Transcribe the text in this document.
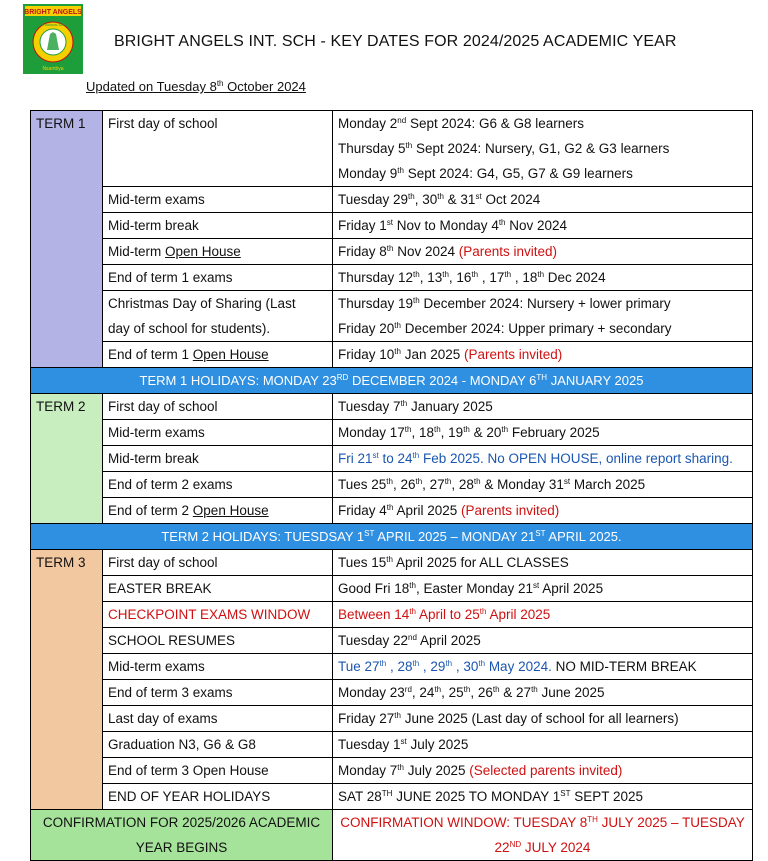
BRIGHT ANGELS
International School
Nsambya
BRIGHT ANGELS INT. SCH - KEY DATES FOR 2024/2025 ACADEMIC YEAR
Updated on Tuesday 8th October 2024
TERM 1	First day of school	Monday 2nd Sept 2024: G6 & G8 learners
Thursday 5th Sept 2024: Nursery, G1, G2 & G3 learners
Monday 9th Sept 2024: G4, G5, G7 & G9 learners

	Mid-term exams	Tuesday 29th, 30th & 31st Oct 2024

	Mid-term break	Friday 1st Nov to Monday 4th Nov 2024

	Mid-term Open House	Friday 8th Nov 2024 (Parents invited)

	End of term 1 exams	Thursday 12th, 13th, 16th , 17th , 18th Dec 2024

	Christmas Day of Sharing (Last
day of school for students).	Thursday 19th December 2024: Nursery + lower primary
Friday 20th December 2024: Upper primary + secondary

	End of term 1 Open House	Friday 10th Jan 2025 (Parents invited)

TERM 1 HOLIDAYS: MONDAY 23RD DECEMBER 2024 - MONDAY 6TH JANUARY 2025		
TERM 2	First day of school	Tuesday 7th January 2025

	Mid-term exams	Monday 17th, 18th, 19th & 20th February 2025

	Mid-term break	Fri 21st to 24th Feb 2025. No OPEN HOUSE, online report sharing.

	End of term 2 exams	Tues 25th, 26th, 27th, 28th & Monday 31st March 2025

	End of term 2 Open House	Friday 4th April 2025 (Parents invited)

TERM 2 HOLIDAYS: TUESDSAY 1ST APRIL 2025 – MONDAY 21ST APRIL 2025.		
TERM 3	First day of school	Tues 15th April 2025 for ALL CLASSES

	EASTER BREAK	Good Fri 18th, Easter Monday 21st April 2025

	CHECKPOINT EXAMS WINDOW	Between 14th April to 25th April 2025

	SCHOOL RESUMES	Tuesday 22nd April 2025

	Mid-term exams	Tue 27th , 28th , 29th , 30th May 2024. NO MID-TERM BREAK

	End of term 3 exams	Monday 23rd, 24th, 25th, 26th & 27th June 2025

	Last day of exams	Friday 27th June 2025 (Last day of school for all learners)

	Graduation N3, G6 & G8	Tuesday 1st July 2025

	End of term 3 Open House	Monday 7th July 2025 (Selected parents invited)

	END OF YEAR HOLIDAYS	SAT 28TH JUNE 2025 TO MONDAY 1ST SEPT 2025

CONFIRMATION FOR 2025/2026 ACADEMIC
YEAR BEGINS		CONFIRMATION WINDOW: TUESDAY 8TH JULY 2025 – TUESDAY
22ND JULY 2024
